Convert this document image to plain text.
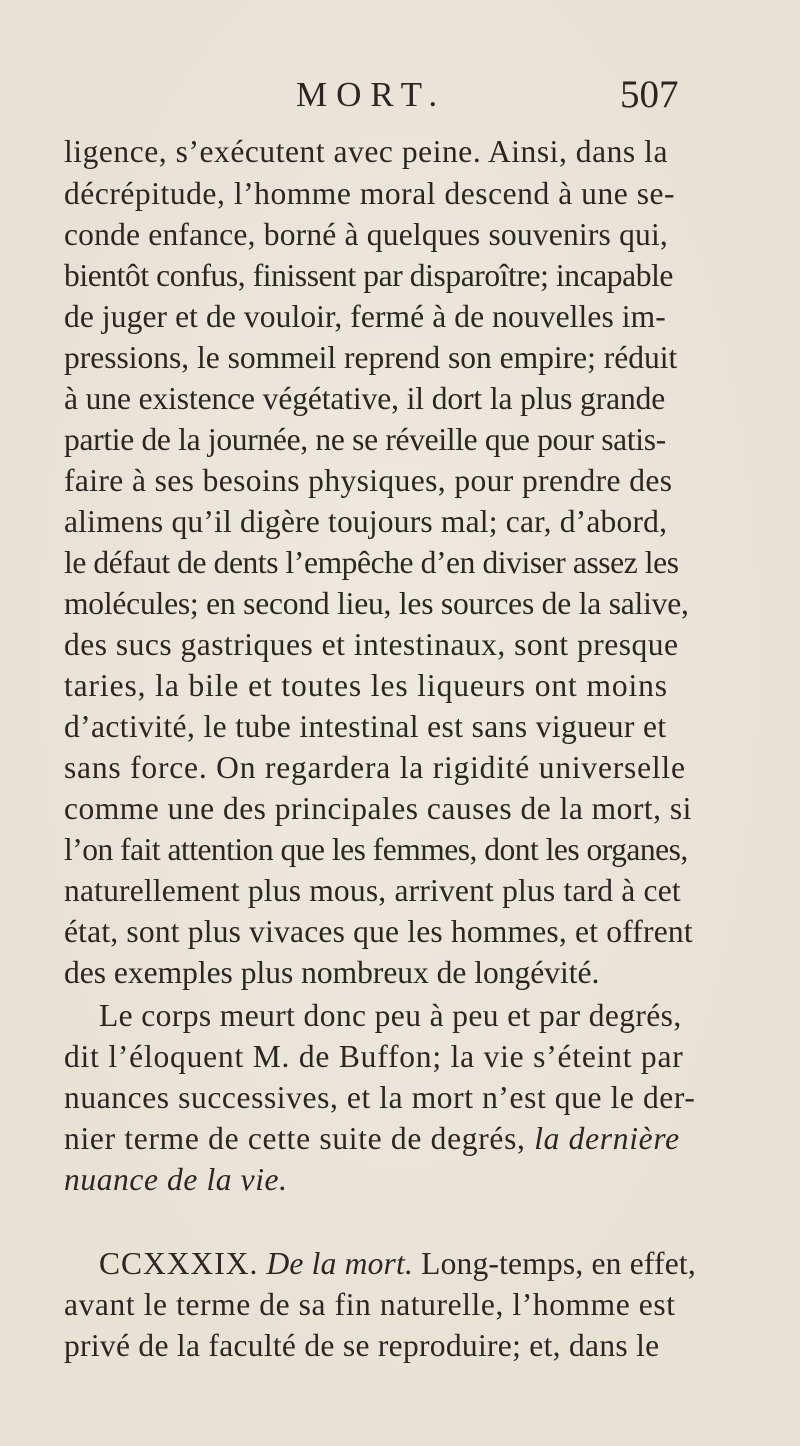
MORT.	507
ligence, s’exécutent avec peine. Ainsi, dans la
décrépitude, l’homme moral descend à une se-
conde enfance, borné à quelques souvenirs qui,
bientôt confus, finissent par disparoître; incapable
de juger et de vouloir, fermé à de nouvelles im-
pressions, le sommeil reprend son empire; réduit
à une existence végétative, il dort la plus grande
partie de la journée, ne se réveille que pour satis-
faire à ses besoins physiques, pour prendre des
alimens qu’il digère toujours mal; car, d’abord,
le défaut de dents l’empêche d’en diviser assez les
molécules; en second lieu, les sources de la salive,
des sucs gastriques et intestinaux, sont presque
taries, la bile et toutes les liqueurs ont moins
d’activité, le tube intestinal est sans vigueur et
sans force. On regardera la rigidité universelle
comme une des principales causes de la mort, si
l’on fait attention que les femmes, dont les organes,
naturellement plus mous, arrivent plus tard à cet
état, sont plus vivaces que les hommes, et offrent
des exemples plus nombreux de longévité.
Le corps meurt donc peu à peu et par degrés,
dit l’éloquent M. de Buffon; la vie s’éteint par
nuances successives, et la mort n’est que le der-
nier terme de cette suite de degrés, la dernière
nuance de la vie.
CCXXXIX. De la mort. Long-temps, en effet,
avant le terme de sa fin naturelle, l’homme est
privé de la faculté de se reproduire; et, dans le
